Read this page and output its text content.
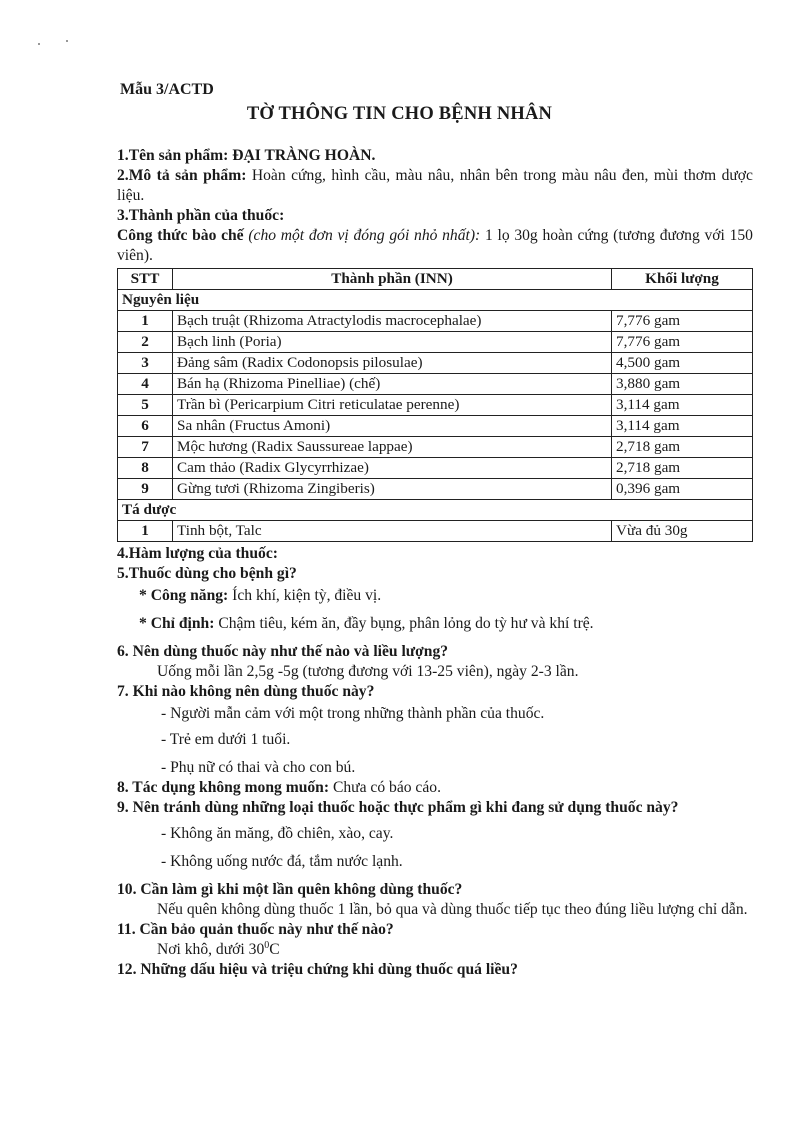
Mẫu 3/ACTD
TỜ THÔNG TIN CHO BỆNH NHÂN

1.Tên sản phẩm: ĐẠI TRÀNG HOÀN.

2.Mô tả sản phẩm: Hoàn cứng, hình cầu, màu nâu, nhân bên trong màu nâu đen, mùi thơm dược liệu.

3.Thành phần của thuốc:

Công thức bào chế (cho một đơn vị đóng gói nhỏ nhất): 1 lọ 30g hoàn cứng (tương đương với 150 viên).

STT	Thành phần (INN)	Khối lượng
Nguyên liệu		
1	Bạch truật (Rhizoma Atractylodis macrocephalae)	7,776 gam
2	Bạch linh (Poria)	7,776 gam
3	Đảng sâm (Radix Codonopsis pilosulae)	4,500 gam
4	Bán hạ (Rhizoma Pinelliae) (chế)	3,880 gam
5	Trần bì (Pericarpium Citri reticulatae perenne)	3,114 gam
6	Sa nhân (Fructus Amoni)	3,114 gam
7	Mộc hương (Radix Saussureae lappae)	2,718 gam
8	Cam thảo (Radix Glycyrrhizae)	2,718 gam
9	Gừng tươi (Rhizoma Zingiberis)	0,396 gam
Tá dược		
1	Tinh bột, Talc	Vừa đủ 30g

4.Hàm lượng của thuốc:

5.Thuốc dùng cho bệnh gì?

* Công năng: Ích khí, kiện tỳ, điều vị.

* Chỉ định: Chậm tiêu, kém ăn, đầy bụng, phân lỏng do tỳ hư và khí trệ.

6. Nên dùng thuốc này như thế nào và liều lượng?

Uống mỗi lần 2,5g -5g (tương đương với 13-25 viên), ngày 2-3 lần.

7. Khi nào không nên dùng thuốc này?

- Người mẫn cảm với một trong những thành phần của thuốc.

- Trẻ em dưới 1 tuổi.

- Phụ nữ có thai và cho con bú.

8. Tác dụng không mong muốn: Chưa có báo cáo.

9. Nên tránh dùng những loại thuốc hoặc thực phẩm gì khi đang sử dụng thuốc này?

- Không ăn măng, đồ chiên, xào, cay.

- Không uống nước đá, tắm nước lạnh.

10. Cần làm gì khi một lần quên không dùng thuốc?

Nếu quên không dùng thuốc 1 lần, bỏ qua và dùng thuốc tiếp tục theo đúng liều lượng chỉ dẫn.

11. Cần bảo quản thuốc này như thế nào?

Nơi khô, dưới $30^0C$

12. Những dấu hiệu và triệu chứng khi dùng thuốc quá liều?
